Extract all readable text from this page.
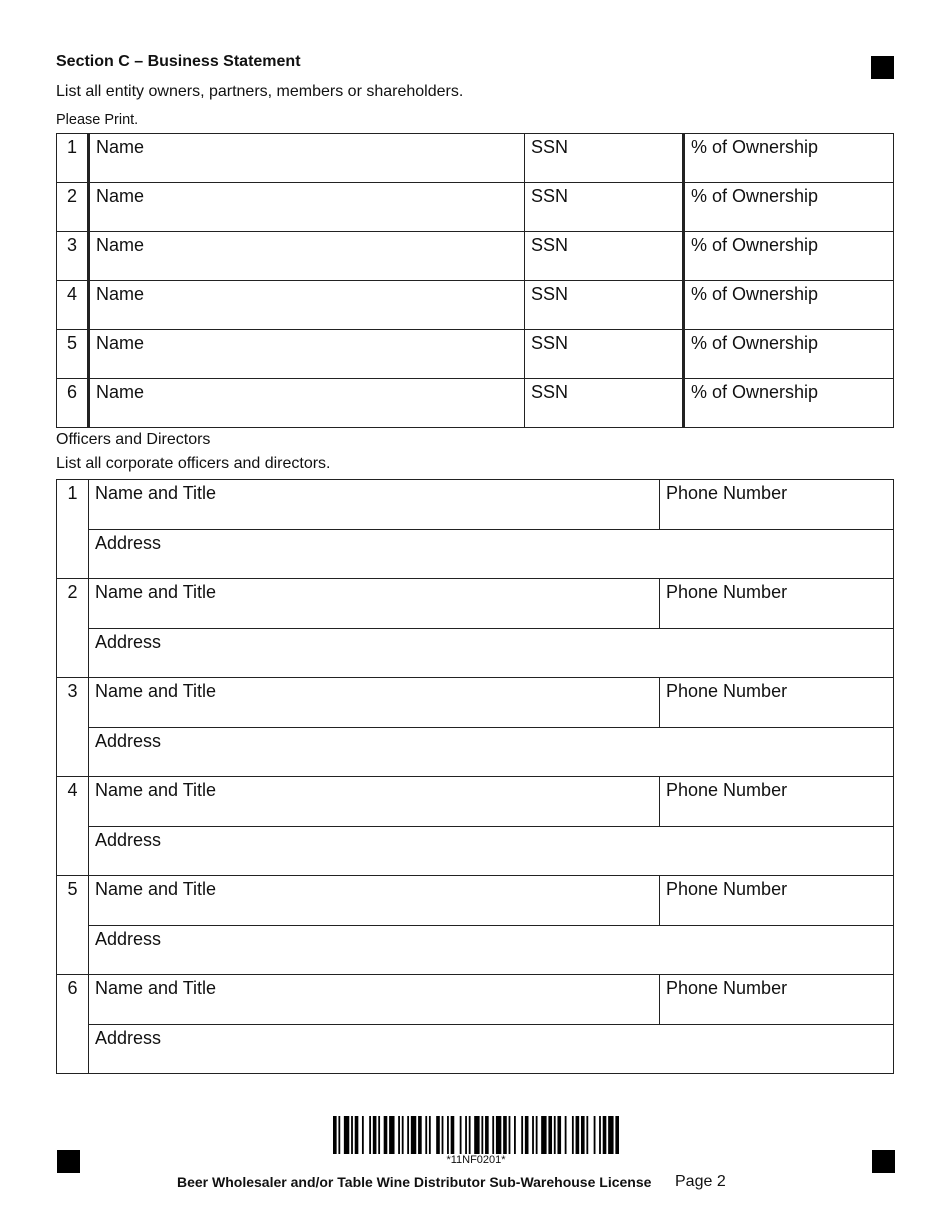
Section C – Business Statement
List all entity owners, partners, members or shareholders.
Please Print.
1	Name	SSN	% of Ownership
2	Name	SSN	% of Ownership
3	Name	SSN	% of Ownership
4	Name	SSN	% of Ownership
5	Name	SSN	% of Ownership
6	Name	SSN	% of Ownership
Officers and Directors
List all corporate officers and directors.
1	Name and Title	Phone Number
	Address	
2	Name and Title	Phone Number
	Address	
3	Name and Title	Phone Number
	Address	
4	Name and Title	Phone Number
	Address	
5	Name and Title	Phone Number
	Address	
6	Name and Title	Phone Number
	Address	
*11NF0201*
Beer Wholesaler and/or Table Wine Distributor Sub-Warehouse License Page 2
